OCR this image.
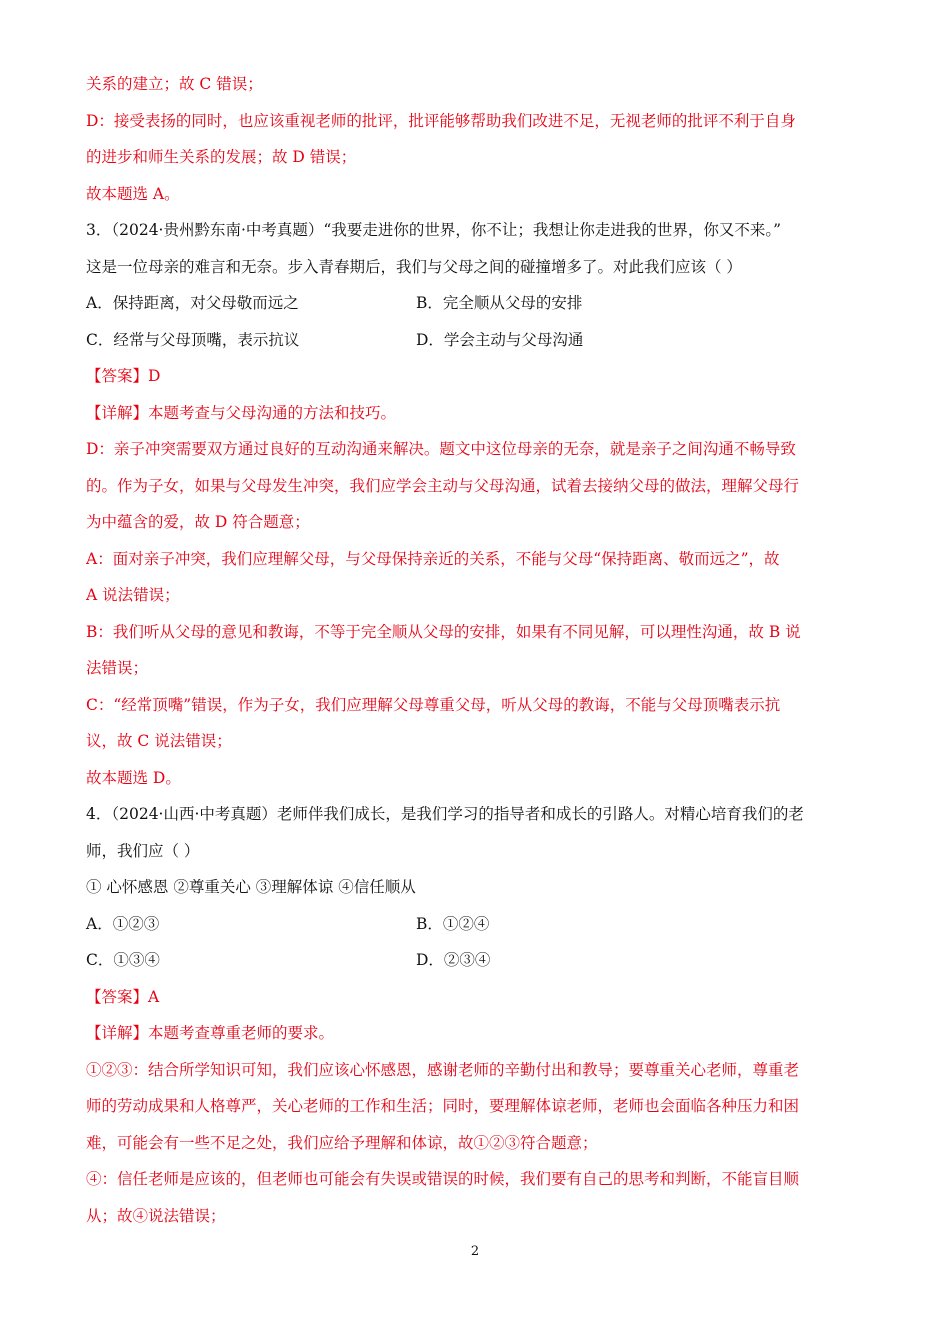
关系的建立；故 C 错误；
D：接受表扬的同时，也应该重视老师的批评，批评能够帮助我们改进不足，无视老师的批评不利于自身
的进步和师生关系的发展；故 D 错误；
故本题选 A。
3．（2024·贵州黔东南·中考真题）“我要走进你的世界，你不让；我想让你走进我的世界，你又不来。”
这是一位母亲的难言和无奈。步入青春期后，我们与父母之间的碰撞增多了。对此我们应该（ ）
A．保持距离，对父母敬而远之	B．完全顺从父母的安排
C．经常与父母顶嘴，表示抗议	D．学会主动与父母沟通
【答案】D
【详解】本题考查与父母沟通的方法和技巧。
D：亲子冲突需要双方通过良好的互动沟通来解决。题文中这位母亲的无奈，就是亲子之间沟通不畅导致
的。作为子女，如果与父母发生冲突，我们应学会主动与父母沟通，试着去接纳父母的做法，理解父母行
为中蕴含的爱，故 D 符合题意；
A：面对亲子冲突，我们应理解父母，与父母保持亲近的关系，不能与父母“保持距离、敬而远之”，故
A 说法错误；
B：我们听从父母的意见和教诲，不等于完全顺从父母的安排，如果有不同见解，可以理性沟通，故 B 说
法错误；
C：“经常顶嘴”错误，作为子女，我们应理解父母尊重父母，听从父母的教诲，不能与父母顶嘴表示抗
议，故 C 说法错误；
故本题选 D。
4．（2024·山西·中考真题）老师伴我们成长，是我们学习的指导者和成长的引路人。对精心培育我们的老
师，我们应（ ）
① 心怀感恩 ②尊重关心 ③理解体谅 ④信任顺从
A．①②③	B．①②④
C．①③④	D．②③④
【答案】A
【详解】本题考查尊重老师的要求。
①②③：结合所学知识可知，我们应该心怀感恩，感谢老师的辛勤付出和教导；要尊重关心老师，尊重老
师的劳动成果和人格尊严，关心老师的工作和生活；同时，要理解体谅老师，老师也会面临各种压力和困
难，可能会有一些不足之处，我们应给予理解和体谅，故①②③符合题意；
④：信任老师是应该的，但老师也可能会有失误或错误的时候，我们要有自己的思考和判断，不能盲目顺
从；故④说法错误；
2
